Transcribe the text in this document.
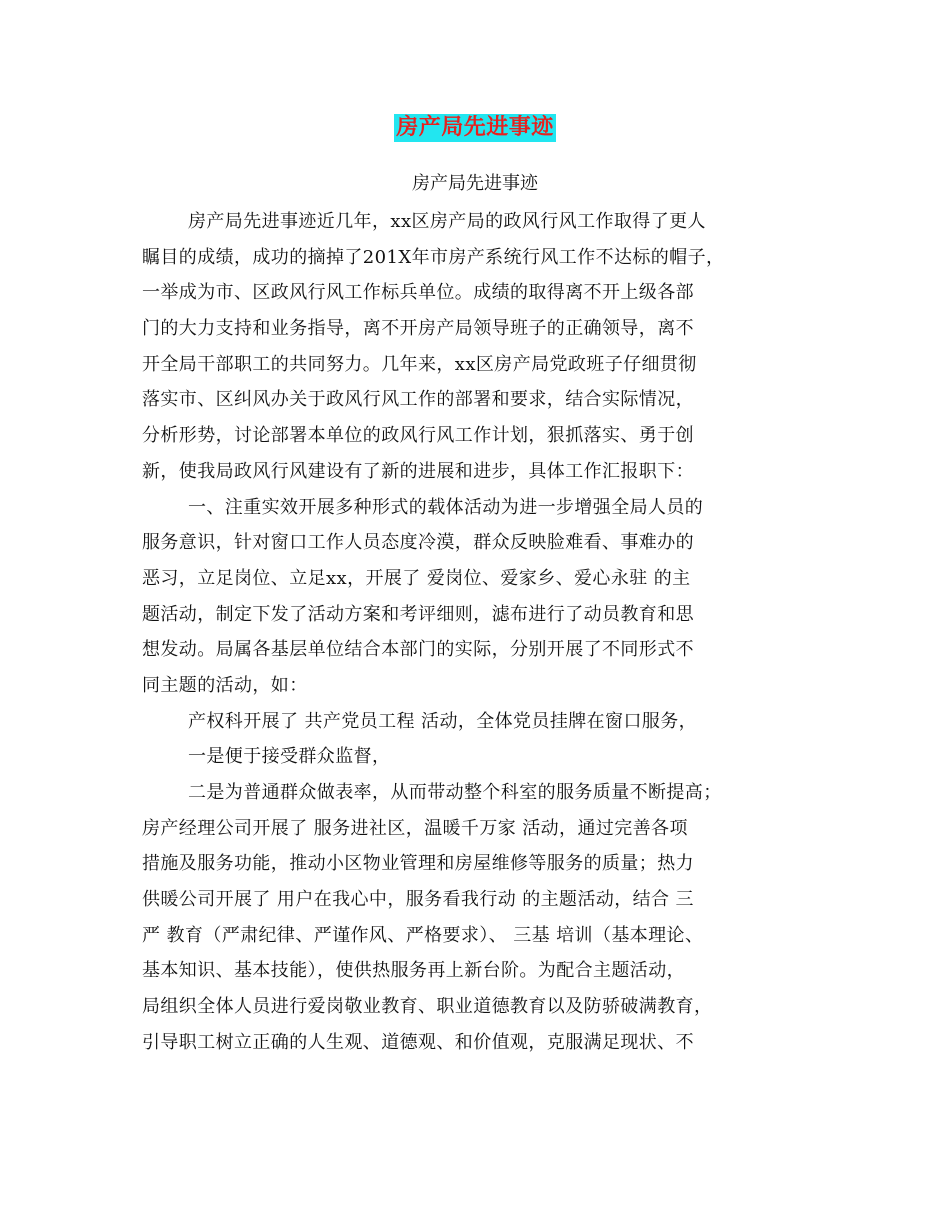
房产局先进事迹
房产局先进事迹
房产局先进事迹近几年，xx区房产局的政风行风工作取得了更人
瞩目的成绩，成功的摘掉了201X年市房产系统行风工作不达标的帽子，
一举成为市、区政风行风工作标兵单位。成绩的取得离不开上级各部
门的大力支持和业务指导，离不开房产局领导班子的正确领导，离不
开全局干部职工的共同努力。几年来，xx区房产局党政班子仔细贯彻
落实市、区纠风办关于政风行风工作的部署和要求，结合实际情况，
分析形势，讨论部署本单位的政风行风工作计划，狠抓落实、勇于创
新，使我局政风行风建设有了新的进展和进步，具体工作汇报职下：
一、注重实效开展多种形式的载体活动为进一步增强全局人员的
服务意识，针对窗口工作人员态度冷漠，群众反映脸难看、事难办的
恶习，立足岗位、立足xx，开展了 爱岗位、爱家乡、爱心永驻 的主
题活动，制定下发了活动方案和考评细则，滤布进行了动员教育和思
想发动。局属各基层单位结合本部门的实际，分别开展了不同形式不
同主题的活动，如：
产权科开展了 共产党员工程 活动，全体党员挂牌在窗口服务，
一是便于接受群众监督，
二是为普通群众做表率，从而带动整个科室的服务质量不断提高；
房产经理公司开展了 服务进社区，温暖千万家 活动，通过完善各项
措施及服务功能，推动小区物业管理和房屋维修等服务的质量；热力
供暖公司开展了 用户在我心中，服务看我行动 的主题活动，结合 三
严 教育（严肃纪律、严谨作风、严格要求）、 三基 培训（基本理论、
基本知识、基本技能），使供热服务再上新台阶。为配合主题活动，
局组织全体人员进行爱岗敬业教育、职业道德教育以及防骄破满教育，
引导职工树立正确的人生观、道德观、和价值观，克服满足现状、不
